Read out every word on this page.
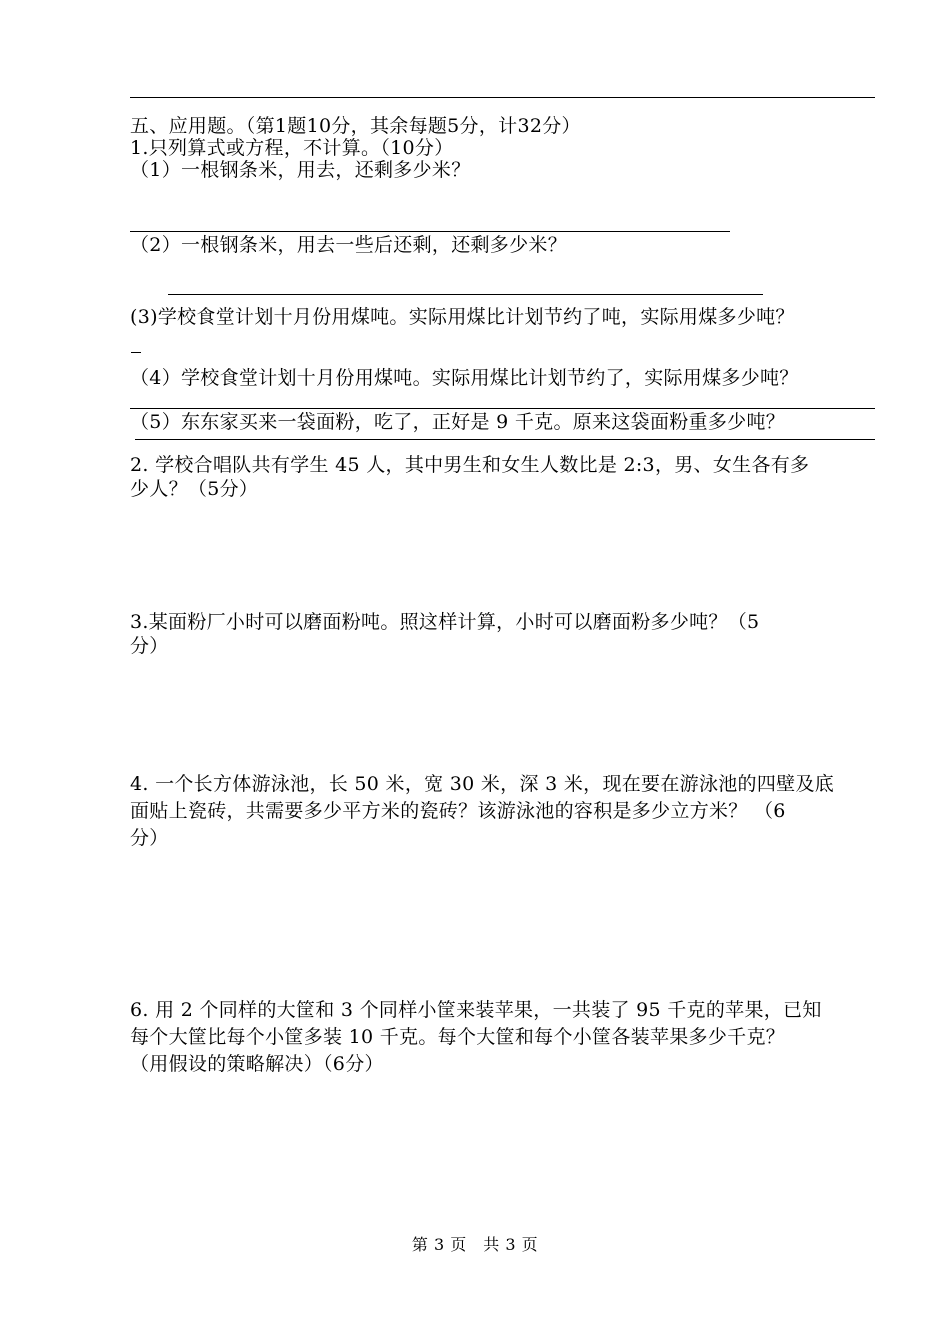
五、应用题。（第1题10分，其余每题5分，计32分）
1.只列算式或方程，不计算。（10分）
（1）一根钢条米，用去，还剩多少米？
（2）一根钢条米，用去一些后还剩，还剩多少米？
(3)学校食堂计划十月份用煤吨。实际用煤比计划节约了吨，实际用煤多少吨？
（4）学校食堂计划十月份用煤吨。实际用煤比计划节约了，实际用煤多少吨？
（5）东东家买来一袋面粉，吃了，正好是 9 千克。原来这袋面粉重多少吨？
2. 学校合唱队共有学生 45 人，其中男生和女生人数比是 2:3，男、女生各有多
少人？（5分）
3.某面粉厂小时可以磨面粉吨。照这样计算，小时可以磨面粉多少吨？（5
分）
4. 一个长方体游泳池，长 50 米，宽 30 米，深 3 米，现在要在游泳池的四壁及底
面贴上瓷砖，共需要多少平方米的瓷砖？该游泳池的容积是多少立方米？ （6
分）
6. 用 2 个同样的大筐和 3 个同样小筐来装苹果，一共装了 95 千克的苹果，已知
每个大筐比每个小筐多装 10 千克。每个大筐和每个小筐各装苹果多少千克？
（用假设的策略解决）（6分）
第 3 页　共 3 页
